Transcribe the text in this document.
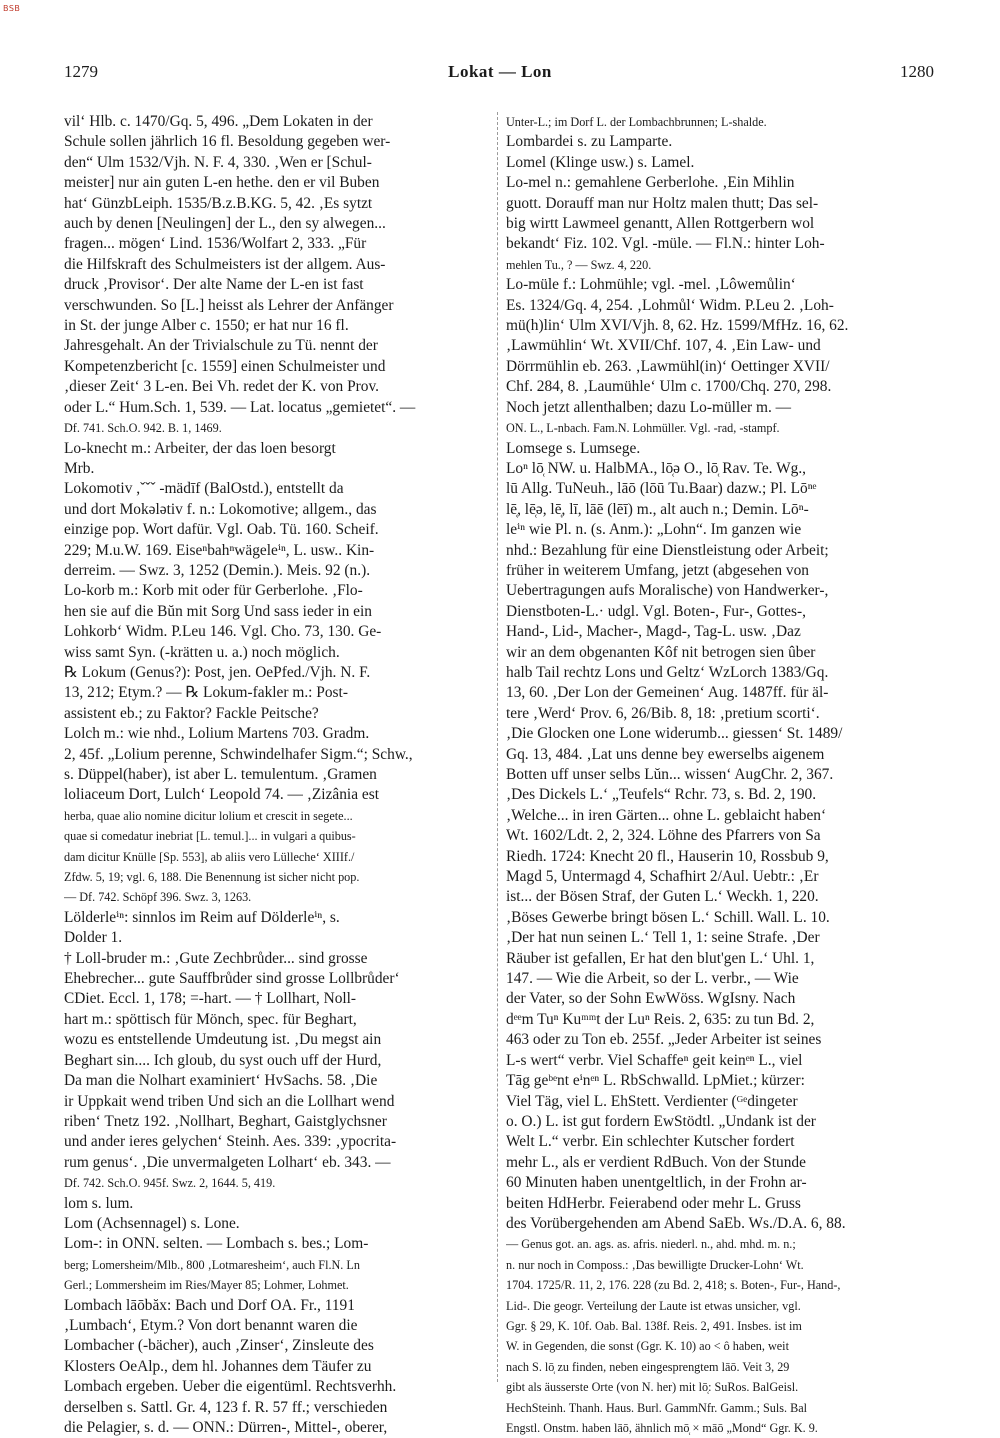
BSB
1279	Lokat — Lon	1280
vil‘ Hlb. c. 1470/Gq. 5, 496. „Dem Lokaten in der
Schule sollen jährlich 16 fl. Besoldung gegeben wer-
den“ Ulm 1532/Vjh. N. F. 4, 330. ‚Wen er [Schul-
meister] nur ain guten L-en hethe. den er vil Buben
hat‘ GünzbLeiph. 1535/B.z.B.KG. 5, 42. ‚Es sytzt
auch by denen [Neulingen] der L., den sy alwegen...
fragen... mögen‘ Lind. 1536/Wolfart 2, 333. „Für
die Hilfskraft des Schulmeisters ist der allgem. Aus-
druck ‚Provisor‘. Der alte Name der L-en ist fast
verschwunden. So [L.] heisst als Lehrer der Anfänger
in St. der junge Alber c. 1550; er hat nur 16 fl.
Jahresgehalt. An der Trivialschule zu Tü. nennt der
Kompetenzbericht [c. 1559] einen Schulmeister und
‚dieser Zeit‘ 3 L-en. Bei Vh. redet der K. von Prov.
oder L.“ Hum.Sch. 1, 539. — Lat. locatus „gemietet“. —
Df. 741. Sch.O. 942. B. 1, 1469.
Lo-knecht m.: Arbeiter, der das loen besorgt
Mrb.
Lokomotiv ,ˇˇˇ -mädīf (BalOstd.), entstellt da
und dort Mokələtiv f. n.: Lokomotive; allgem., das
einzige pop. Wort dafür. Vgl. Oab. Tü. 160. Scheif.
229; M.u.W. 169. Eiseⁿbahⁿwägeleⁱⁿ, L. usw.. Kin-
derreim. — Swz. 3, 1252 (Demin.). Meis. 92 (n.).
Lo-korb m.: Korb mit oder für Gerberlohe. ‚Flo-
hen sie auf die Bŭn mit Sorg Und sass ieder in ein
Lohkorb‘ Widm. P.Leu 146. Vgl. Cho. 73, 130. Ge-
wiss samt Syn. (-krätten u. a.) noch möglich.
℞ Lokum (Genus?): Post, jen. OePfed./Vjh. N. F.
13, 212; Etym.? — ℞ Lokum-fakler m.: Post-
assistent eb.; zu Faktor? Fackle Peitsche?
Lolch m.: wie nhd., Lolium Martens 703. Gradm.
2, 45f. „Lolium perenne, Schwindelhafer Sigm.“; Schw.,
s. Düppel(haber), ist aber L. temulentum. ‚Gramen
loliaceum Dort, Lulch‘ Leopold 74. — ‚Zizânia est
herba, quae alio nomine dicitur lolium et crescit in segete...
quae si comedatur inebriat [L. temul.]... in vulgari a quibus-
dam dicitur Knülle [Sp. 553], ab aliis vero Lülleche‘ XIIIf./
Zfdw. 5, 19; vgl. 6, 188. Die Benennung ist sicher nicht pop.
— Df. 742. Schöpf 396. Swz. 3, 1263.
Lölderleⁱⁿ: sinnlos im Reim auf Dölderleⁱⁿ, s.
Dolder 1.
† Loll-bruder m.: ‚Gute Zechbrůder... sind grosse
Ehebrecher... gute Sauffbrůder sind grosse Lollbrůder‘
CDiet. Eccl. 1, 178; =-hart. — † Lollhart, Noll-
hart m.: spöttisch für Mönch, spec. für Beghart,
wozu es entstellende Umdeutung ist. ‚Du megst ain
Beghart sin.... Ich gloub, du syst ouch uff der Hurd,
Da man die Nolhart examiniert‘ HvSachs. 58. ‚Die
ir Uppkait wend triben Und sich an die Lollhart wend
riben‘ Tnetz 192. ‚Nollhart, Beghart, Gaistglychsner
und ander ieres gelychen‘ Steinh. Aes. 339: ‚ypocrita-
rum genus‘. ‚Die unvermalgeten Lolhart‘ eb. 343. —
Df. 742. Sch.O. 945f. Swz. 2, 1644. 5, 419.
lom s. lum.
Lom (Achsennagel) s. Lone.
Lom-: in ONN. selten. — Lombach s. bes.; Lom-
berg; Lomersheim/Mlb., 800 ‚Lotmaresheim‘, auch Fl.N. Ln
Gerl.; Lommersheim im Ries/Mayer 85; Lohmer, Lohmet.
Lombach lāōbăx: Bach und Dorf OA. Fr., 1191
‚Lumbach‘, Etym.? Von dort benannt waren die
Lombacher (-bächer), auch ‚Zinser‘, Zinsleute des
Klosters OeAlp., dem hl. Johannes dem Täufer zu
Lombach ergeben. Ueber die eigentüml. Rechtsverhh.
derselben s. Sattl. Gr. 4, 123 f. R. 57 ff.; verschieden
die Pelagier, s. d. — ONN.: Dürren-, Mittel-, oberer,
Unter-L.; im Dorf L. der Lombachbrunnen; L-shalde.
Lombardei s. zu Lamparte.
Lomel (Klinge usw.) s. Lamel.
Lo-mel n.: gemahlene Gerberlohe. ‚Ein Mihlin
guott. Dorauff man nur Holtz malen thutt; Das sel-
big wirtt Lawmeel genantt, Allen Rottgerbern wol
bekandt‘ Fiz. 102. Vgl. -müle. — Fl.N.: hinter Loh-
mehlen Tu., ? — Swz. 4, 220.
Lo-müle f.: Lohmühle; vgl. -mel. ‚Lôwemůlin‘
Es. 1324/Gq. 4, 254. ‚Lohmůl‘ Widm. P.Leu 2. ‚Loh-
mü(h)lin‘ Ulm XVI/Vjh. 8, 62. Hz. 1599/MfHz. 16, 62.
‚Lawmühlin‘ Wt. XVII/Chf. 107, 4. ‚Ein Law- und
Dörrmühlin eb. 263. ‚Lawmühl(in)‘ Oettinger XVII/
Chf. 284, 8. ‚Laumühle‘ Ulm c. 1700/Chq. 270, 298.
Noch jetzt allenthalben; dazu Lo-müller m. —
ON. L., L-nbach. Fam.N. Lohmüller. Vgl. -rad, -stampf.
Lomsege s. Lumsege.
Loⁿ lō̜ NW. u. HalbMA., lō̜ə O., lō̜ Rav. Te. Wg.,
lū Allg. TuNeuh., lāō (lōū Tu.Baar) dazw.; Pl. Lōⁿᵉ
lē̜, lē̜ə, lē̜, lī, lāē (lēī) m., alt auch n.; Demin. Lōⁿ-
leⁱⁿ wie Pl. n. (s. Anm.): „Lohn“. Im ganzen wie
nhd.: Bezahlung für eine Dienstleistung oder Arbeit;
früher in weiterem Umfang, jetzt (abgesehen von
Uebertragungen aufs Moralische) von Handwerker-,
Dienstboten-L.· udgl. Vgl. Boten-, Fur-, Gottes-,
Hand-, Lid-, Macher-, Magd-, Tag-L. usw. ‚Daz
wir an dem obgenanten Kôf nit betrogen sien ûber
halb Tail rechtz Lons und Geltz‘ WzLorch 1383/Gq.
13, 60. ‚Der Lon der Gemeinen‘ Aug. 1487ff. für äl-
tere ‚Werd‘ Prov. 6, 26/Bib. 8, 18: ‚pretium scorti‘.
‚Die Glocken one Lone widerumb... giessen‘ St. 1489/
Gq. 13, 484. ‚Lat uns denne bey ewerselbs aigenem
Botten uff unser selbs Lŭn... wissen‘ AugChr. 2, 367.
‚Des Dickels L.‘ „Teufels“ Rchr. 73, s. Bd. 2, 190.
‚Welche... in iren Gärten... ohne L. geblaicht haben‘
Wt. 1602/Ldt. 2, 2, 324. Löhne des Pfarrers von Sa
Riedh. 1724: Knecht 20 fl., Hauserin 10, Rossbub 9,
Magd 5, Untermagd 4, Schafhirt 2/Aul. Uebtr.: ‚Er
ist... der Bösen Straf, der Guten L.‘ Weckh. 1, 220.
‚Böses Gewerbe bringt bösen L.‘ Schill. Wall. L. 10.
‚Der hat nun seinen L.‘ Tell 1, 1: seine Strafe. ‚Der
Räuber ist gefallen, Er hat den blut'gen L.‘ Uhl. 1,
147. — Wie die Arbeit, so der L. verbr., — Wie
der Vater, so der Sohn EwWöss. WgIsny. Nach
dᵉᵉm Tuⁿ Kuᵐᵐt der Luⁿ Reis. 2, 635: zu tun Bd. 2,
463 oder zu Ton eb. 255f. „Jeder Arbeiter ist seines
L-s wert“ verbr. Viel Schaffeⁿ geit keinᵉⁿ L., viel
Tāg geᵇᵉnt eⁱnᵉⁿ L. RbSchwalld. LpMiet.; kürzer:
Viel Täg, viel L. EhStett. Verdienter (ᴳᵉdingeter
o. O.) L. ist gut fordern EwStödtl. „Undank ist der
Welt L.“ verbr. Ein schlechter Kutscher fordert
mehr L., als er verdient RdBuch. Von der Stunde
60 Minuten haben unentgeltlich, in der Frohn ar-
beiten HdHerbr. Feierabend oder mehr L. Gruss
des Vorübergehenden am Abend SaEb. Ws./D.A. 6, 88.
— Genus got. an. ags. as. afris. niederl. n., ahd. mhd. m. n.;
n. nur noch in Composs.: ‚Das bewilligte Drucker-Lohn‘ Wt.
1704. 1725/R. 11, 2, 176. 228 (zu Bd. 2, 418; s. Boten-, Fur-, Hand-,
Lid-. Die geogr. Verteilung der Laute ist etwas unsicher, vgl.
Ggr. § 29, K. 10f. Oab. Bal. 138f. Reis. 2, 491. Insbes. ist im
W. in Gegenden, die sonst (Ggr. K. 10) ao < ô haben, weit
nach S. lō̜ zu finden, neben eingesprengtem lāō. Veit 3, 29
gibt als äusserste Orte (von N. her) mit lō̜: SuRos. BalGeisl.
HechSteinh. Thanh. Haus. Burl. GammNfr. Gamm.; Suls. Bal
Engstl. Onstm. haben lāō, ähnlich mō̜ × māō „Mond“ Ggr. K. 9.
